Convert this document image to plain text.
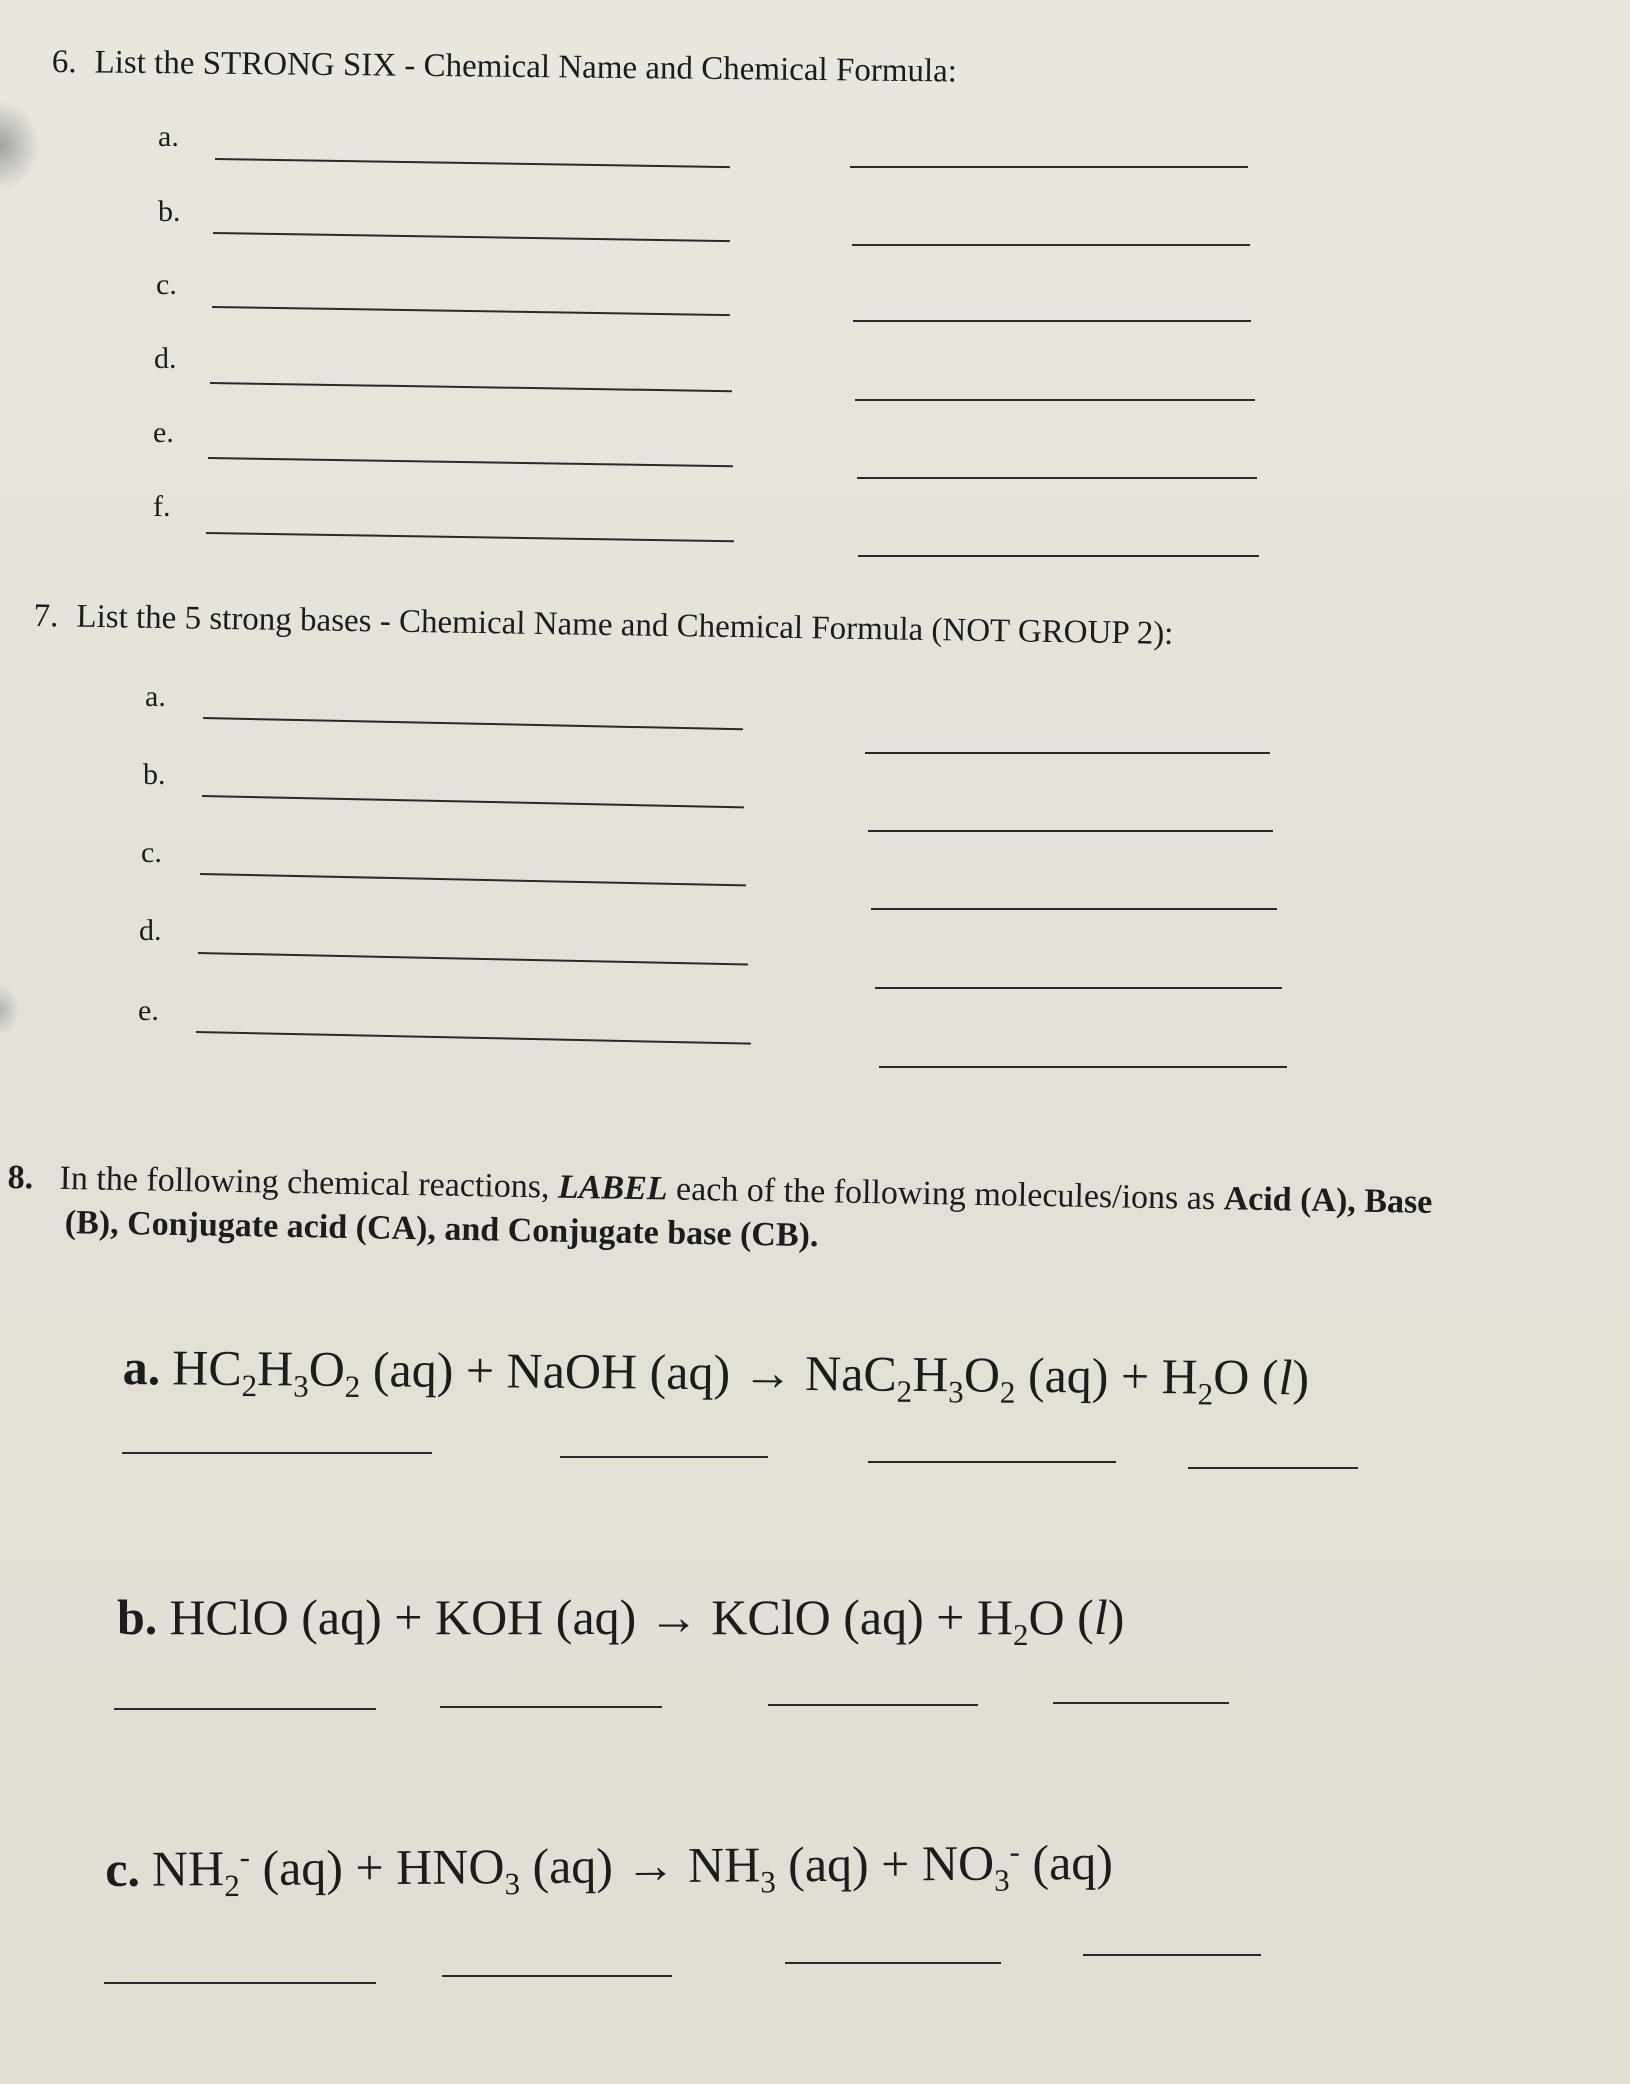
6. List the STRONG SIX - Chemical Name and Chemical Formula:
a.
b.
c.
d.
e.
f.
7. List the 5 strong bases - Chemical Name and Chemical Formula (NOT GROUP 2):
a.
b.
c.
d.
e.
8. In the following chemical reactions, LABEL each of the following molecules/ions as Acid (A), Base
(B), Conjugate acid (CA), and Conjugate base (CB).
a. $HC_2H_3O_2$ (aq) + NaOH $(aq) \to NaC_2H_3O_2$ $(aq) + H_2O$ (l)
b. HClO (aq) + KOH (aq) → KClO $(aq) + H_2O$ (l)
c. $NH_2^-$ $(aq) + HNO_3$ $(aq) \to NH_3$ $(aq) + NO_3^-$ (aq)
